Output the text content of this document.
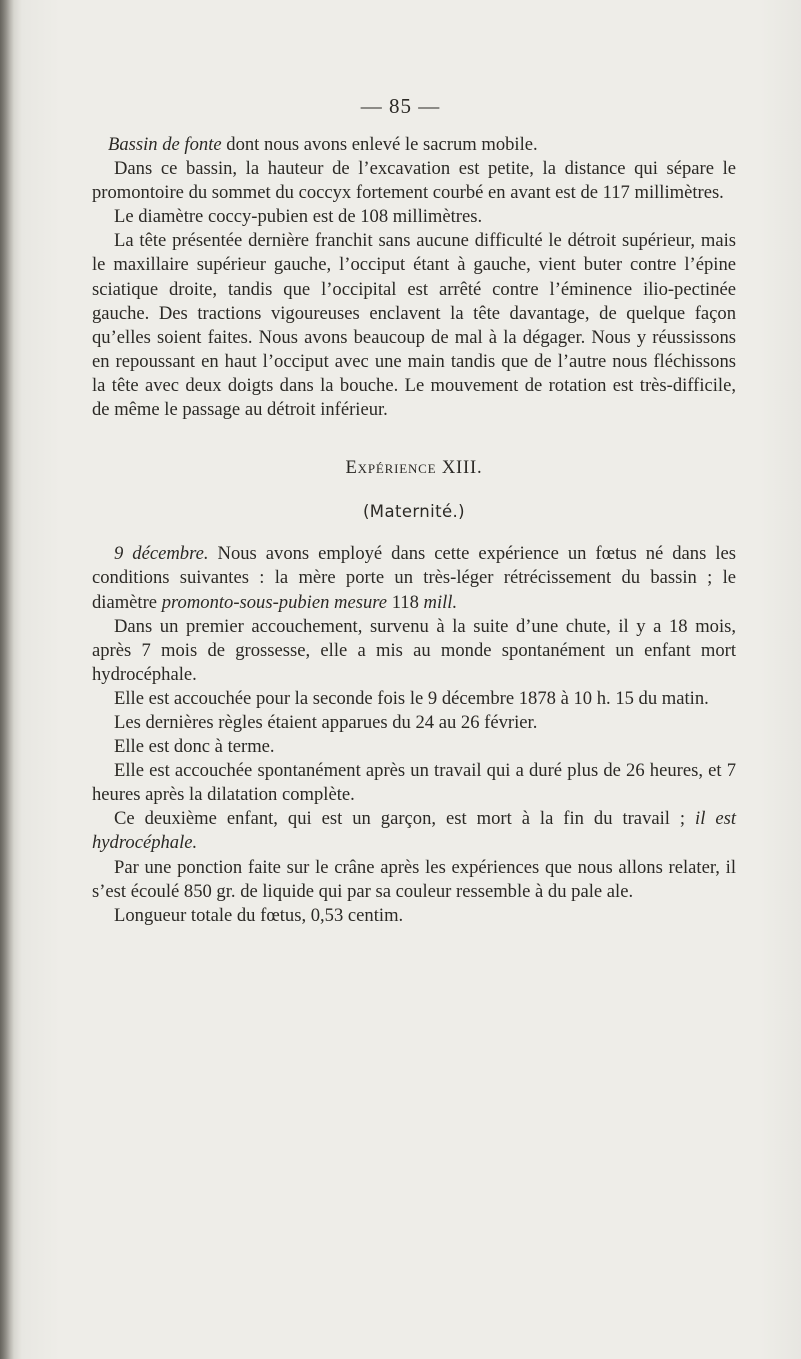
— 85 —

Bassin de fonte dont nous avons enlevé le sacrum mobile.

Dans ce bassin, la hauteur de l’excavation est petite, la distance qui sépare le promontoire du sommet du coccyx fortement courbé en avant est de 117 millimètres.

Le diamètre coccy-pubien est de 108 millimètres.

La tête présentée dernière franchit sans aucune difficulté le détroit supérieur, mais le maxillaire supérieur gauche, l’occiput étant à gauche, vient buter contre l’épine sciatique droite, tandis que l’occipital est arrêté contre l’éminence ilio-pectinée gauche. Des tractions vigoureuses enclavent la tête davantage, de quelque façon qu’elles soient faites. Nous avons beaucoup de mal à la dégager. Nous y réussissons en repoussant en haut l’occiput avec une main tandis que de l’autre nous fléchissons la tête avec deux doigts dans la bouche. Le mouvement de rotation est très-difficile, de même le passage au détroit inférieur.

Expérience XIII.

(Maternité.)

9 décembre. Nous avons employé dans cette expérience un fœtus né dans les conditions suivantes : la mère porte un très-léger rétrécissement du bassin ; le diamètre promonto-sous-pubien mesure 118 mill.

Dans un premier accouchement, survenu à la suite d’une chute, il y a 18 mois, après 7 mois de grossesse, elle a mis au monde spontanément un enfant mort hydrocéphale.

Elle est accouchée pour la seconde fois le 9 décembre 1878 à 10 h. 15 du matin.

Les dernières règles étaient apparues du 24 au 26 février.

Elle est donc à terme.

Elle est accouchée spontanément après un travail qui a duré plus de 26 heures, et 7 heures après la dilatation complète.

Ce deuxième enfant, qui est un garçon, est mort à la fin du travail ; il est hydrocéphale.

Par une ponction faite sur le crâne après les expériences que nous allons relater, il s’est écoulé 850 gr. de liquide qui par sa couleur ressemble à du pale ale.

Longueur totale du fœtus, 0,53 centim.
